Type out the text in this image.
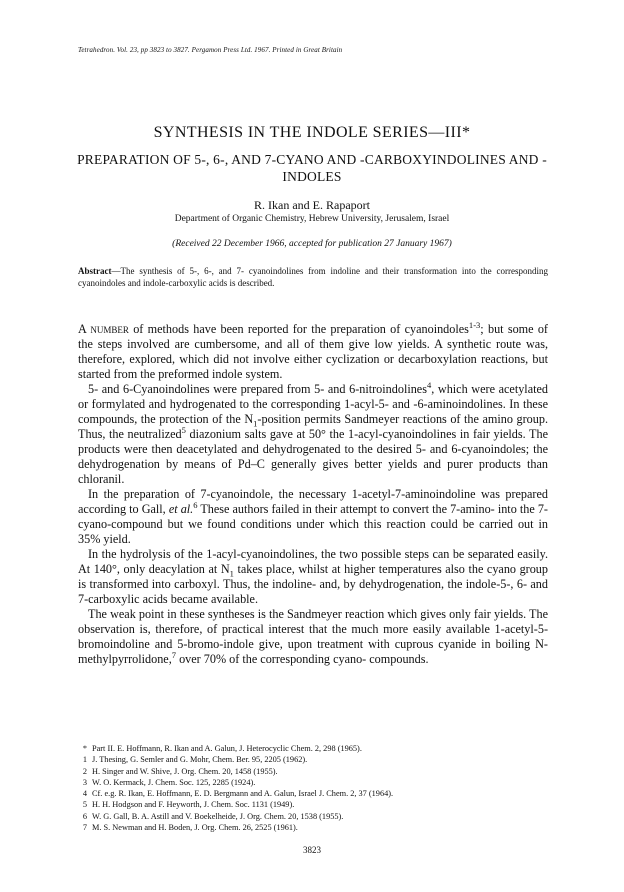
Tetrahedron. Vol. 23, pp 3823 to 3827. Pergamon Press Ltd. 1967. Printed in Great Britain
SYNTHESIS IN THE INDOLE SERIES—III*
PREPARATION OF 5-, 6-, AND 7-CYANO AND -CARBOXYINDOLINES AND -INDOLES
R. Ikan and E. Rapaport
Department of Organic Chemistry, Hebrew University, Jerusalem, Israel
(Received 22 December 1966, accepted for publication 27 January 1967)
Abstract—The synthesis of 5-, 6-, and 7- cyanoindolines from indoline and their transformation into the corresponding cyanoindoles and indole-carboxylic acids is described.

A number of methods have been reported for the preparation of cyanoindoles$^{1-3}$; but some of the steps involved are cumbersome, and all of them give low yields. A synthetic route was, therefore, explored, which did not involve either cyclization or decarboxylation reactions, but started from the preformed indole system.

5- and 6-Cyanoindolines were prepared from 5- and 6-nitroindolines$^4$, which were acetylated or formylated and hydrogenated to the corresponding 1-acyl-5- and -6-aminoindolines. In these compounds, the protection of the $N_1$-position permits Sandmeyer reactions of the amino group. Thus, the neutralized$^5$ diazonium salts gave at 50° the 1-acyl-cyanoindolines in fair yields. The products were then deacetylated and dehydrogenated to the desired 5- and 6-cyanoindoles; the dehydrogenation by means of Pd–C generally gives better yields and purer products than chloranil.

In the preparation of 7-cyanoindole, the necessary 1-acetyl-7-aminoindoline was prepared according to Gall, et al.$^6$ These authors failed in their attempt to convert the 7-amino- into the 7-cyano-compound but we found conditions under which this reaction could be carried out in 35% yield.

In the hydrolysis of the 1-acyl-cyanoindolines, the two possible steps can be separated easily. At 140°, only deacylation at $N_1$ takes place, whilst at higher temperatures also the cyano group is transformed into carboxyl. Thus, the indoline- and, by dehydrogenation, the indole-5-, 6- and 7-carboxylic acids became available.

The weak point in these syntheses is the Sandmeyer reaction which gives only fair yields. The observation is, therefore, of practical interest that the much more easily available 1-acetyl-5-bromoindoline and 5-bromo-indole give, upon treatment with cuprous cyanide in boiling N-methylpyrrolidone,$^7$ over 70% of the corresponding cyano- compounds.

* Part II. E. Hoffmann, R. Ikan and A. Galun, J. Heterocyclic Chem. 2, 298 (1965).
1 J. Thesing, G. Semler and G. Mohr, Chem. Ber. 95, 2205 (1962).
2 H. Singer and W. Shive, J. Org. Chem. 20, 1458 (1955).
3 W. O. Kermack, J. Chem. Soc. 125, 2285 (1924).
4 Cf. e.g. R. Ikan, E. Hoffmann, E. D. Bergmann and A. Galun, Israel J. Chem. 2, 37 (1964).
5 H. H. Hodgson and F. Heyworth, J. Chem. Soc. 1131 (1949).
6 W. G. Gall, B. A. Astill and V. Boekelheide, J. Org. Chem. 20, 1538 (1955).
7 M. S. Newman and H. Boden, J. Org. Chem. 26, 2525 (1961).
3823
